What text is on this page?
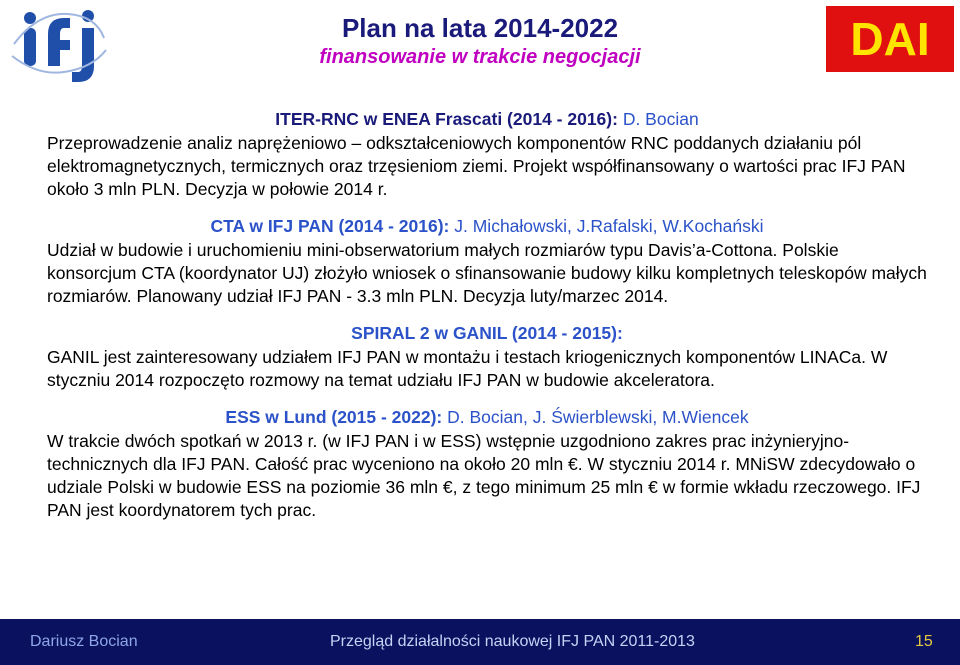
Plan na lata 2014-2022
finansowanie w trakcie negocjacji	DAI
ITER-RNC w ENEA Frascati (2014 - 2016): D. Bocian
Przeprowadzenie analiz naprężeniowo – odkształceniowych komponentów RNC poddanych działaniu pól elektromagnetycznych, termicznych oraz trzęsieniom ziemi. Projekt współfinansowany o wartości prac IFJ PAN około 3 mln PLN. Decyzja w połowie 2014 r.
CTA w IFJ PAN (2014 - 2016): J. Michałowski, J.Rafalski, W.Kochański
Udział w budowie i uruchomieniu mini-obserwatorium małych rozmiarów typu Davis’a-Cottona. Polskie konsorcjum CTA (koordynator UJ) złożyło wniosek o sfinansowanie budowy kilku kompletnych teleskopów małych rozmiarów. Planowany udział IFJ PAN - 3.3 mln PLN. Decyzja luty/marzec 2014.
SPIRAL 2 w GANIL (2014 - 2015):
GANIL jest zainteresowany udziałem IFJ PAN w montażu i testach kriogenicznych komponentów LINACa. W styczniu 2014 rozpoczęto rozmowy na temat udziału IFJ PAN w budowie akceleratora.
ESS w Lund (2015 - 2022): D. Bocian, J. Świerblewski, M.Wiencek
W trakcie dwóch spotkań w 2013 r. (w IFJ PAN i w ESS) wstępnie uzgodniono zakres prac inżynieryjno-technicznych dla IFJ PAN. Całość prac wyceniono na około 20 mln €. W styczniu 2014 r. MNiSW zdecydowało o udziale Polski w budowie ESS na poziomie 36 mln €, z tego minimum 25 mln € w formie wkładu rzeczowego. IFJ PAN jest koordynatorem tych prac.
Dariusz Bocian	Przegląd działalności naukowej IFJ PAN 2011-2013	15
